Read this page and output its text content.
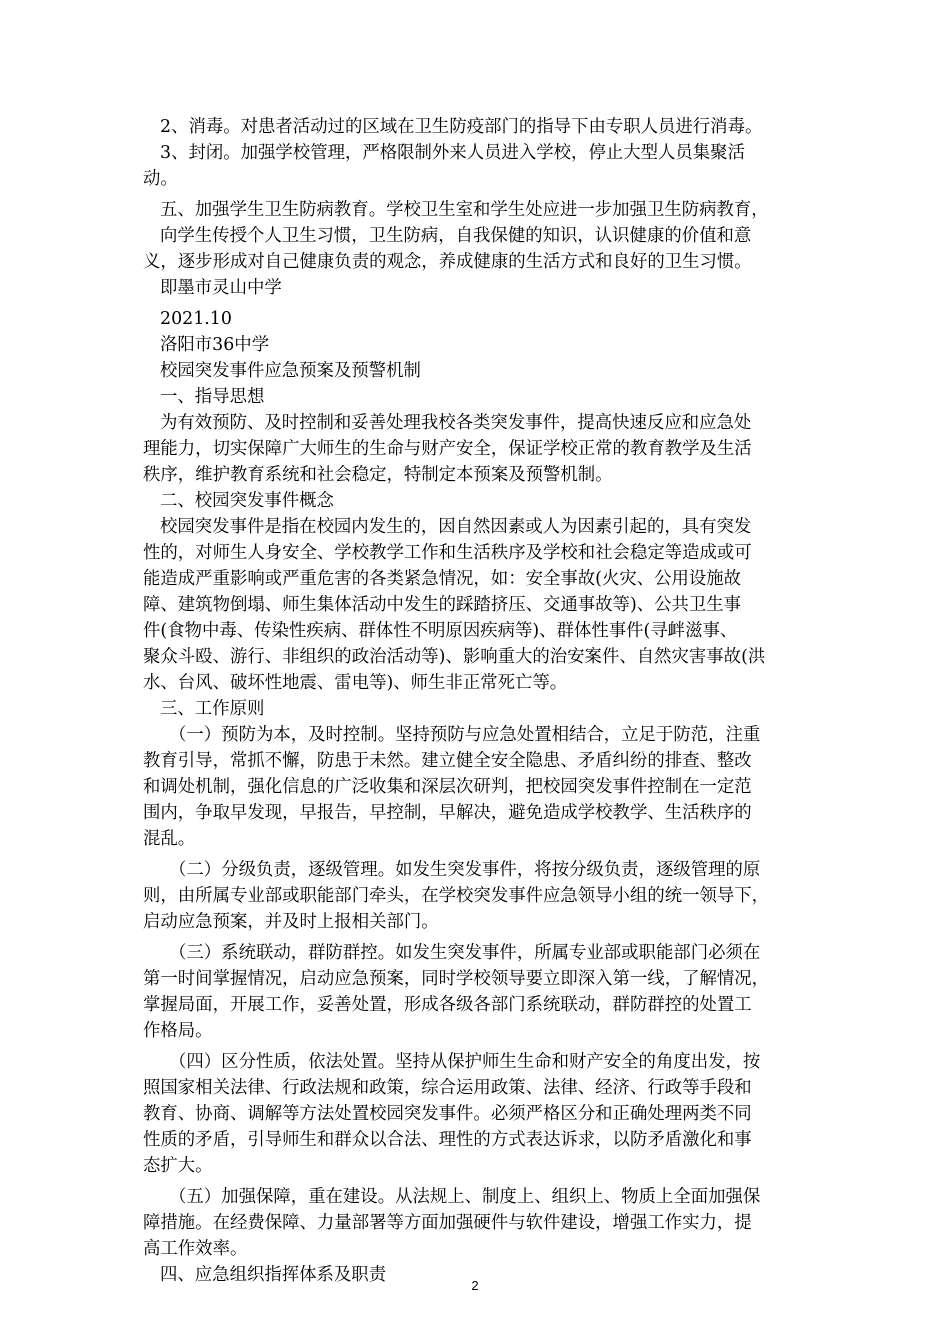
2、消毒。对患者活动过的区域在卫生防疫部门的指导下由专职人员进行消毒。

3、封闭。加强学校管理，严格限制外来人员进入学校，停止大型人员集聚活

动。

五、加强学生卫生防病教育。学校卫生室和学生处应进一步加强卫生防病教育，

向学生传授个人卫生习惯，卫生防病，自我保健的知识，认识健康的价值和意

义，逐步形成对自己健康负责的观念，养成健康的生活方式和良好的卫生习惯。

即墨市灵山中学

2021.10

洛阳市36中学

校园突发事件应急预案及预警机制

一、指导思想

为有效预防、及时控制和妥善处理我校各类突发事件，提高快速反应和应急处

理能力，切实保障广大师生的生命与财产安全，保证学校正常的教育教学及生活

秩序，维护教育系统和社会稳定，特制定本预案及预警机制。

二、校园突发事件概念

校园突发事件是指在校园内发生的，因自然因素或人为因素引起的，具有突发

性的，对师生人身安全、学校教学工作和生活秩序及学校和社会稳定等造成或可

能造成严重影响或严重危害的各类紧急情况，如：安全事故(火灾、公用设施故

障、建筑物倒塌、师生集体活动中发生的踩踏挤压、交通事故等)、公共卫生事

件(食物中毒、传染性疾病、群体性不明原因疾病等)、群体性事件(寻衅滋事、

聚众斗殴、游行、非组织的政治活动等)、影响重大的治安案件、自然灾害事故(洪

水、台风、破坏性地震、雷电等)、师生非正常死亡等。

三、工作原则

（一）预防为本，及时控制。坚持预防与应急处置相结合，立足于防范，注重

教育引导，常抓不懈，防患于未然。建立健全安全隐患、矛盾纠纷的排查、整改

和调处机制，强化信息的广泛收集和深层次研判，把校园突发事件控制在一定范

围内，争取早发现，早报告，早控制，早解决，避免造成学校教学、生活秩序的

混乱。

（二）分级负责，逐级管理。如发生突发事件，将按分级负责，逐级管理的原

则，由所属专业部或职能部门牵头，在学校突发事件应急领导小组的统一领导下，

启动应急预案，并及时上报相关部门。

（三）系统联动，群防群控。如发生突发事件，所属专业部或职能部门必须在

第一时间掌握情况，启动应急预案，同时学校领导要立即深入第一线，了解情况，

掌握局面，开展工作，妥善处置，形成各级各部门系统联动，群防群控的处置工

作格局。

（四）区分性质，依法处置。坚持从保护师生生命和财产安全的角度出发，按

照国家相关法律、行政法规和政策，综合运用政策、法律、经济、行政等手段和

教育、协商、调解等方法处置校园突发事件。必须严格区分和正确处理两类不同

性质的矛盾，引导师生和群众以合法、理性的方式表达诉求，以防矛盾激化和事

态扩大。

（五）加强保障，重在建设。从法规上、制度上、组织上、物质上全面加强保

障措施。在经费保障、力量部署等方面加强硬件与软件建设，增强工作实力，提

高工作效率。

四、应急组织指挥体系及职责

2
